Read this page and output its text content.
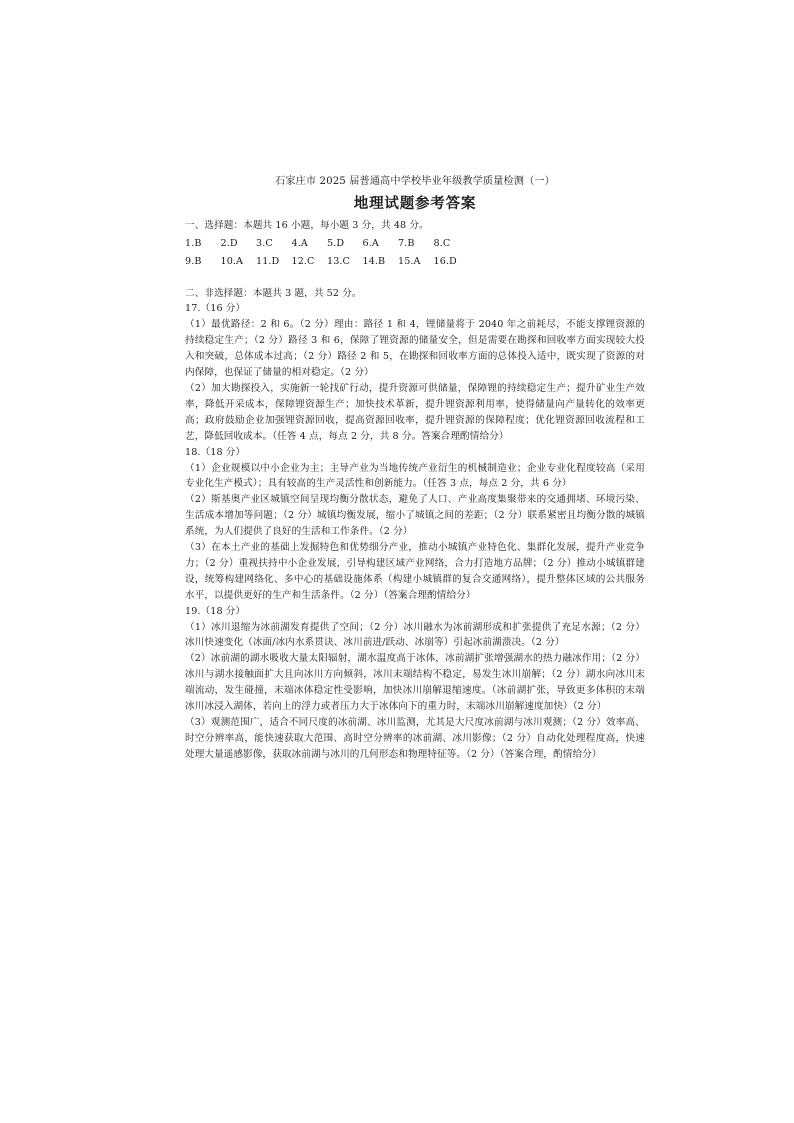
石家庄市 2025 届普通高中学校毕业年级教学质量检测（一）

地理试题参考答案

一、选择题：本题共 16 小题，每小题 3 分，共 48 分。

1.B	2.D	3.C	4.A	5.D	6.A	7.B	8.C
9.B	10.A	11.D	12.C	13.C	14.B	15.A	16.D

二、非选择题：本题共 3 题，共 52 分。

17.（16 分）

（1）最优路径：2 和 6。（2 分）理由：路径 1 和 4，锂储量将于 2040 年之前耗尽，不能支撑锂资源的持续稳定生产；（2 分）路径 3 和 6，保障了锂资源的储量安全，但是需要在勘探和回收率方面实现较大投入和突破，总体成本过高；（2 分）路径 2 和 5，在勘探和回收率方面的总体投入适中，既实现了资源的对内保障，也保证了储量的相对稳定。（2 分）

（2）加大勘探投入，实施新一轮找矿行动，提升资源可供储量，保障锂的持续稳定生产；提升矿业生产效率，降低开采成本，保障锂资源生产；加快技术革新，提升锂资源利用率，使得储量向产量转化的效率更高；政府鼓励企业加强锂资源回收，提高资源回收率，提升锂资源的保障程度；优化锂资源回收流程和工艺，降低回收成本。（任答 4 点，每点 2 分，共 8 分。答案合理酌情给分）

18.（18 分）

（1）企业规模以中小企业为主；主导产业为当地传统产业衍生的机械制造业；企业专业化程度较高（采用专业化生产模式）；具有较高的生产灵活性和创新能力。（任答 3 点，每点 2 分，共 6 分）

（2）斯基奥产业区城镇空间呈现均衡分散状态，避免了人口、产业高度集聚带来的交通拥堵、环境污染、生活成本增加等问题；（2 分）城镇均衡发展，缩小了城镇之间的差距；（2 分）联系紧密且均衡分散的城镇系统，为人们提供了良好的生活和工作条件。（2 分）

（3）在本土产业的基础上发掘特色和优势细分产业，推动小城镇产业特色化、集群化发展，提升产业竞争力；（2 分）重视扶持中小企业发展，引导构建区域产业网络，合力打造地方品牌；（2 分）推动小城镇群建设，统筹构建网络化、多中心的基础设施体系（构建小城镇群的复合交通网络），提升整体区域的公共服务水平，以提供更好的生产和生活条件。（2 分）（答案合理酌情给分）

19.（18 分）

（1）冰川退缩为冰前湖发育提供了空间；（2 分）冰川融水为冰前湖形成和扩张提供了充足水源；（2 分）冰川快速变化（冰面/冰内水系贯诀、冰川前进/跃动、冰崩等）引起冰前湖溃决。（2 分）

（2）冰前湖的湖水吸收大量太阳辐射，湖水温度高于冰体，冰前湖扩张增强湖水的热力融冰作用；（2 分）冰川与湖水接触面扩大且向冰川方向倾斜，冰川末端结构不稳定，易发生冰川崩解；（2 分）湖水向冰川末端流动，发生碰撞，末端冰体稳定性受影响，加快冰川崩解退缩速度。（冰前湖扩张，导致更多体积的末端冰川冰浸入湖体，若向上的浮力或者压力大于冰体向下的重力时，末端冰川崩解速度加快）（2 分）

（3）观测范围广，适合不同尺度的冰前湖、冰川监测，尤其是大尺度冰前湖与冰川观测；（2 分）效率高、时空分辨率高，能快速获取大范围、高时空分辨率的冰前湖、冰川影像；（2 分）自动化处理程度高，快速处理大量遥感影像，获取冰前湖与冰川的几何形态和物理特征等。（2 分）（答案合理，酌情给分）
